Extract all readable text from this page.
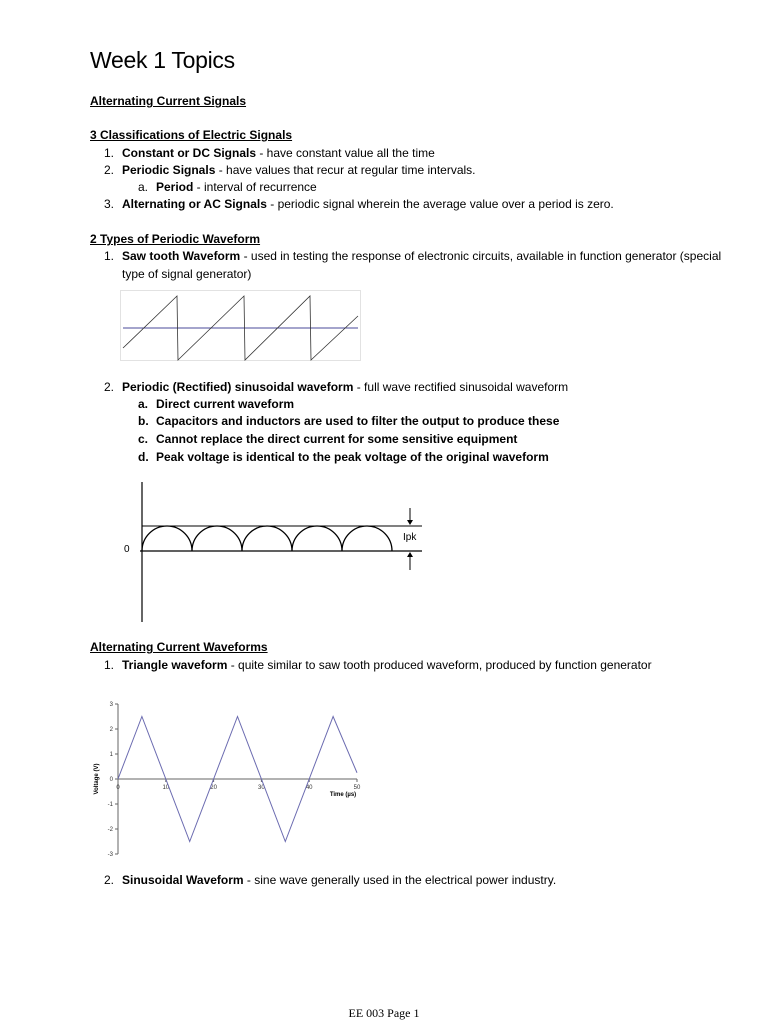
Week 1 Topics
Alternating Current Signals
3 Classifications of Electric Signals
1. Constant or DC Signals - have constant value all the time
2. Periodic Signals - have values that recur at regular time intervals.
a. Period - interval of recurrence
3. Alternating or AC Signals - periodic signal wherein the average value over a period is zero.
2 Types of Periodic Waveform
1. Saw tooth Waveform - used in testing the response of electronic circuits, available in function generator (special
type of signal generator)
2. Periodic (Rectified) sinusoidal waveform - full wave rectified sinusoidal waveform
a. Direct current waveform
b. Capacitors and inductors are used to filter the output to produce these
c. Cannot replace the direct current for some sensitive equipment
d. Peak voltage is identical to the peak voltage of the original waveform
0
Ipk
Alternating Current Waveforms
1. Triangle waveform - quite similar to saw tooth produced waveform, produced by function generator
3
2
1
0
-1
-2
-3
0	10	20	30	40	50
Voltage (V)
Time (µs)
2. Sinusoidal Waveform - sine wave generally used in the electrical power industry.
EE 003 Page 1
